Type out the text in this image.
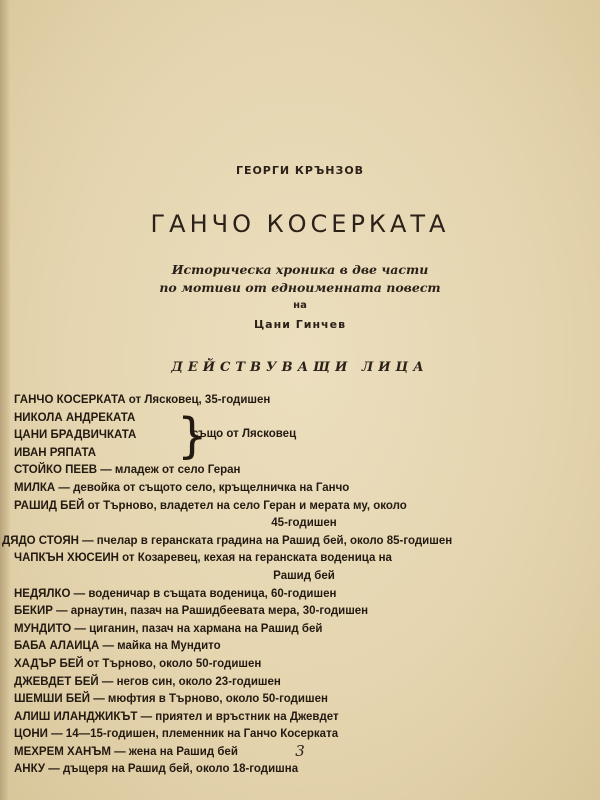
ГЕОРГИ КРЪНЗОВ
ГАНЧО КОСЕРКАТА
Историческа хроника в две части
по мотиви от едноименната повест
на
Цани Гинчев
ДЕЙСТВУВАЩИ ЛИЦА
ГАНЧО КОСЕРКАТА от Лясковец, 35-годишен
НИКОЛА АНДРЕКАТА
ЦАНИ БРАДВИЧКАТА
ИВАН РЯПАТА	}
също от Лясковец
СТОЙКО ПЕЕВ — младеж от село Геран
МИЛКА — девойка от същото село, кръщелничка на Ганчо
РАШИД БЕЙ от Търново, владетел на село Геран и мерата му, около
45-годишен
ДЯДО СТОЯН — пчелар в геранската градина на Рашид бей, около 85-годишен
ЧАПКЪН ХЮСЕИН от Козаревец, кехая на геранската воденица на
Рашид бей
НЕДЯЛКО — воденичар в същата воденица, 60-годишен
БЕКИР — арнаутин, пазач на Рашидбеевата мера, 30-годишен
МУНДИТО — циганин, пазач на хармана на Рашид бей
БАБА АЛАИЦА — майка на Мундито
ХАДЪР БЕЙ от Търново, около 50-годишен
ДЖЕВДЕТ БЕЙ — негов син, около 23-годишен
ШЕМШИ БЕЙ — мюфтия в Търново, около 50-годишен
АЛИШ ИЛАНДЖИКЪТ — приятел и връстник на Джевдет
ЦОНИ — 14—15-годишен, племенник на Ганчо Косерката
МЕХРЕМ ХАНЪМ — жена на Рашид бей
АНКУ — дъщеря на Рашид бей, около 18-годишна
3
